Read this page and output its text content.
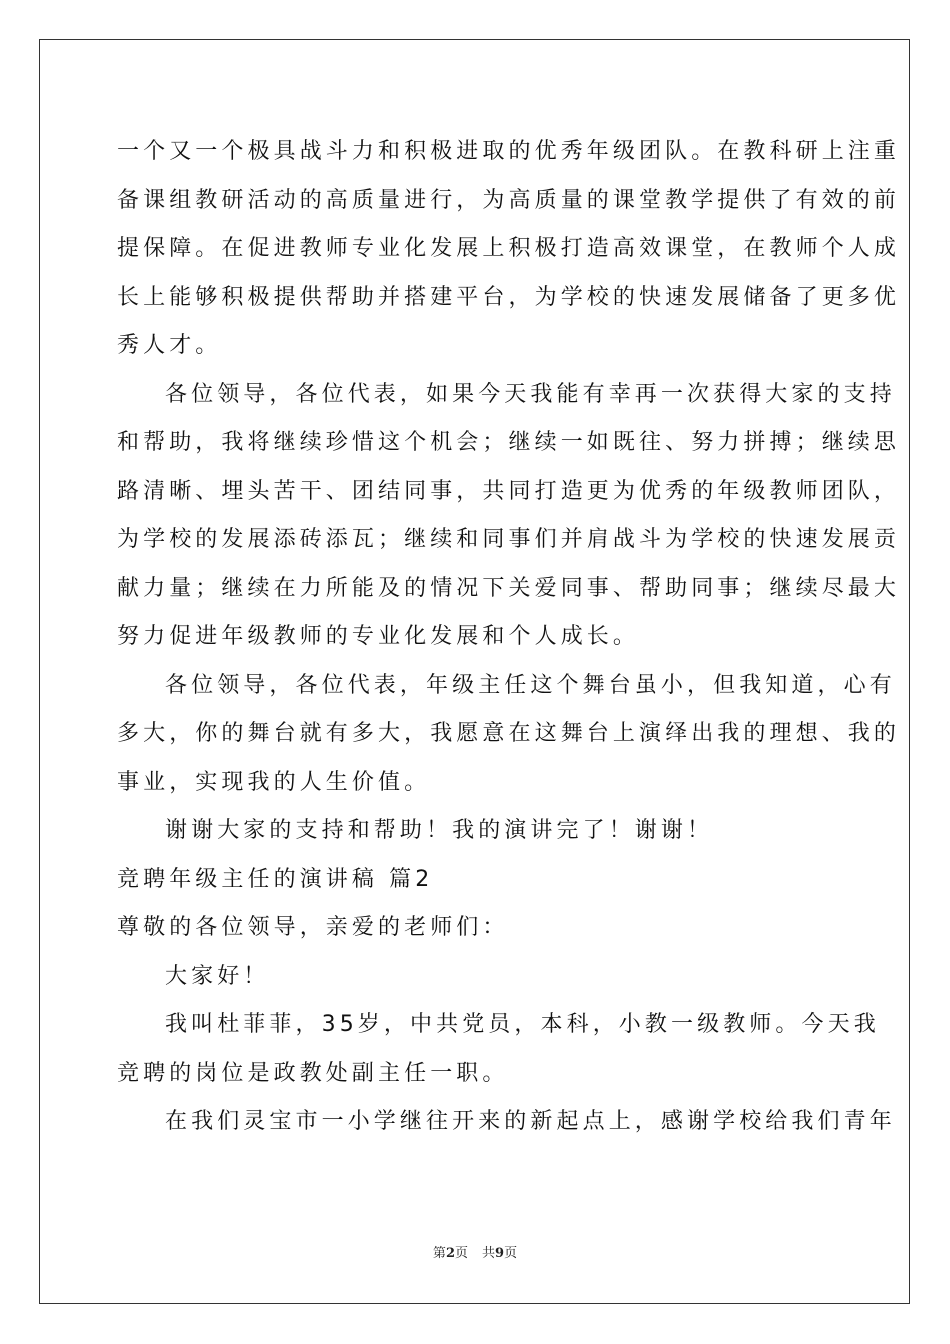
一个又一个极具战斗力和积极进取的优秀年级团队。在教科研上注重
备课组教研活动的高质量进行，为高质量的课堂教学提供了有效的前
提保障。在促进教师专业化发展上积极打造高效课堂，在教师个人成
长上能够积极提供帮助并搭建平台，为学校的快速发展储备了更多优
秀人才。
各位领导，各位代表，如果今天我能有幸再一次获得大家的支持
和帮助，我将继续珍惜这个机会；继续一如既往、努力拼搏；继续思
路清晰、埋头苦干、团结同事，共同打造更为优秀的年级教师团队，
为学校的发展添砖添瓦；继续和同事们并肩战斗为学校的快速发展贡
献力量；继续在力所能及的情况下关爱同事、帮助同事；继续尽最大
努力促进年级教师的专业化发展和个人成长。
各位领导，各位代表，年级主任这个舞台虽小，但我知道，心有
多大，你的舞台就有多大，我愿意在这舞台上演绎出我的理想、我的
事业，实现我的人生价值。
谢谢大家的支持和帮助！我的演讲完了！谢谢！
竞聘年级主任的演讲稿 篇2
尊敬的各位领导，亲爱的老师们：
大家好！
我叫杜菲菲，35岁，中共党员，本科，小教一级教师。今天我
竞聘的岗位是政教处副主任一职。
在我们灵宝市一小学继往开来的新起点上，感谢学校给我们青年
第2页 共9页
